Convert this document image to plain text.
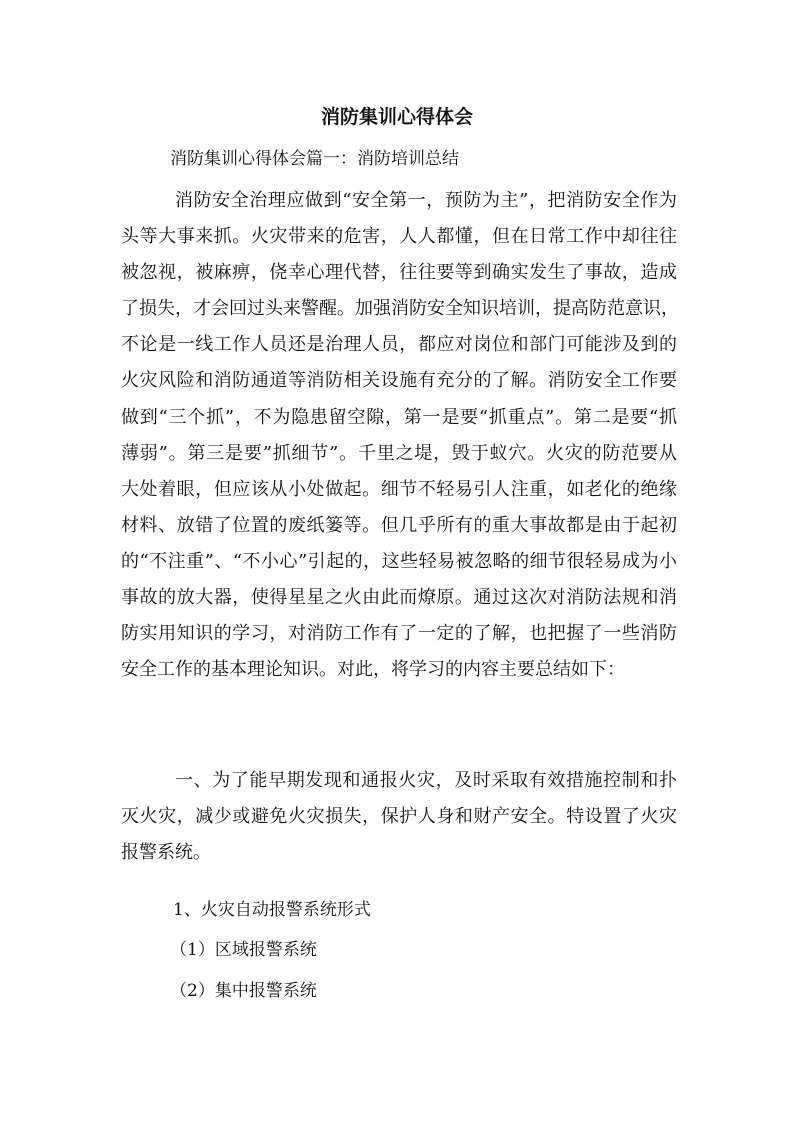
消防集训心得体会
消防集训心得体会篇一：消防培训总结
消防安全治理应做到“安全第一，预防为主”，把消防安全作为
头等大事来抓。火灾带来的危害，人人都懂，但在日常工作中却往往
被忽视，被麻痹，侥幸心理代替，往往要等到确实发生了事故，造成
了损失，才会回过头来警醒。加强消防安全知识培训，提高防范意识，
不论是一线工作人员还是治理人员，都应对岗位和部门可能涉及到的
火灾风险和消防通道等消防相关设施有充分的了解。消防安全工作要
做到“三个抓”，不为隐患留空隙，第一是要“抓重点”。第二是要“抓
薄弱”。第三是要”抓细节”。千里之堤，毁于蚁穴。火灾的防范要从
大处着眼，但应该从小处做起。细节不轻易引人注重，如老化的绝缘
材料、放错了位置的废纸篓等。但几乎所有的重大事故都是由于起初
的“不注重”、“不小心”引起的，这些轻易被忽略的细节很轻易成为小
事故的放大器，使得星星之火由此而燎原。通过这次对消防法规和消
防实用知识的学习，对消防工作有了一定的了解，也把握了一些消防
安全工作的基本理论知识。对此，将学习的内容主要总结如下：
一、为了能早期发现和通报火灾，及时采取有效措施控制和扑
灭火灾，减少或避免火灾损失，保护人身和财产安全。特设置了火灾
报警系统。
1、火灾自动报警系统形式
（1）区域报警系统
（2）集中报警系统
